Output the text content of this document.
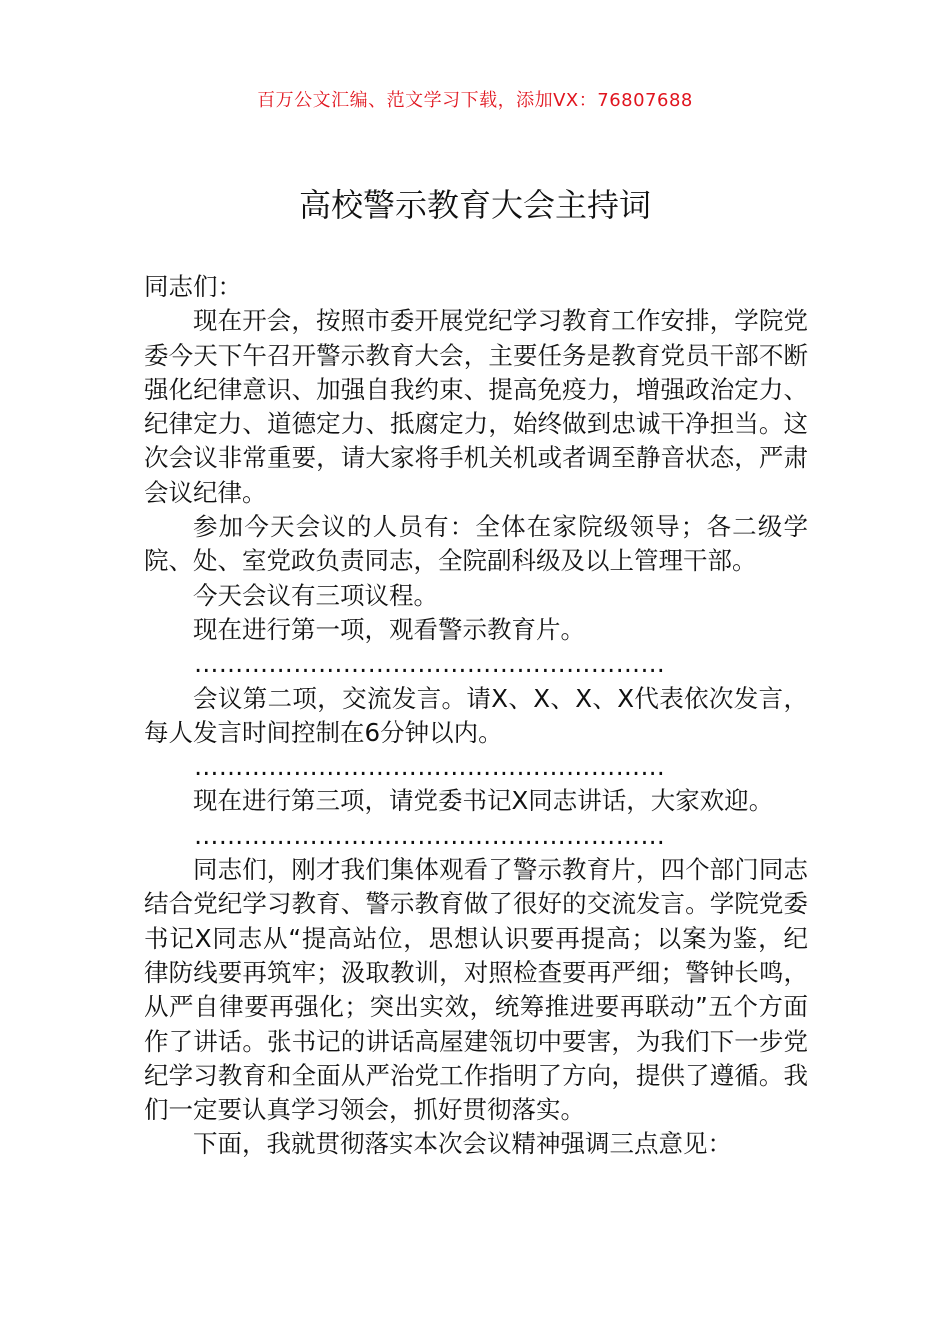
百万公文汇编、范文学习下载，添加VX：76807688
高校警示教育大会主持词

同志们：

现在开会，按照市委开展党纪学习教育工作安排，学院党委今天下午召开警示教育大会，主要任务是教育党员干部不断强化纪律意识、加强自我约束、提高免疫力，增强政治定力、纪律定力、道德定力、抵腐定力，始终做到忠诚干净担当。这次会议非常重要，请大家将手机关机或者调至静音状态，严肃会议纪律。

参加今天会议的人员有：全体在家院级领导；各二级学院、处、室党政负责同志，全院副科级及以上管理干部。

今天会议有三项议程。

现在进行第一项，观看警示教育片。

…………………………………………………

会议第二项，交流发言。请X、X、X、X代表依次发言，每人发言时间控制在6分钟以内。

…………………………………………………

现在进行第三项，请党委书记X同志讲话，大家欢迎。

…………………………………………………

同志们，刚才我们集体观看了警示教育片，四个部门同志结合党纪学习教育、警示教育做了很好的交流发言。学院党委书记X同志从“提高站位，思想认识要再提高；以案为鉴，纪律防线要再筑牢；汲取教训，对照检查要再严细；警钟长鸣，从严自律要再强化；突出实效，统筹推进要再联动”五个方面作了讲话。张书记的讲话高屋建瓴切中要害，为我们下一步党纪学习教育和全面从严治党工作指明了方向，提供了遵循。我们一定要认真学习领会，抓好贯彻落实。

下面，我就贯彻落实本次会议精神强调三点意见：
